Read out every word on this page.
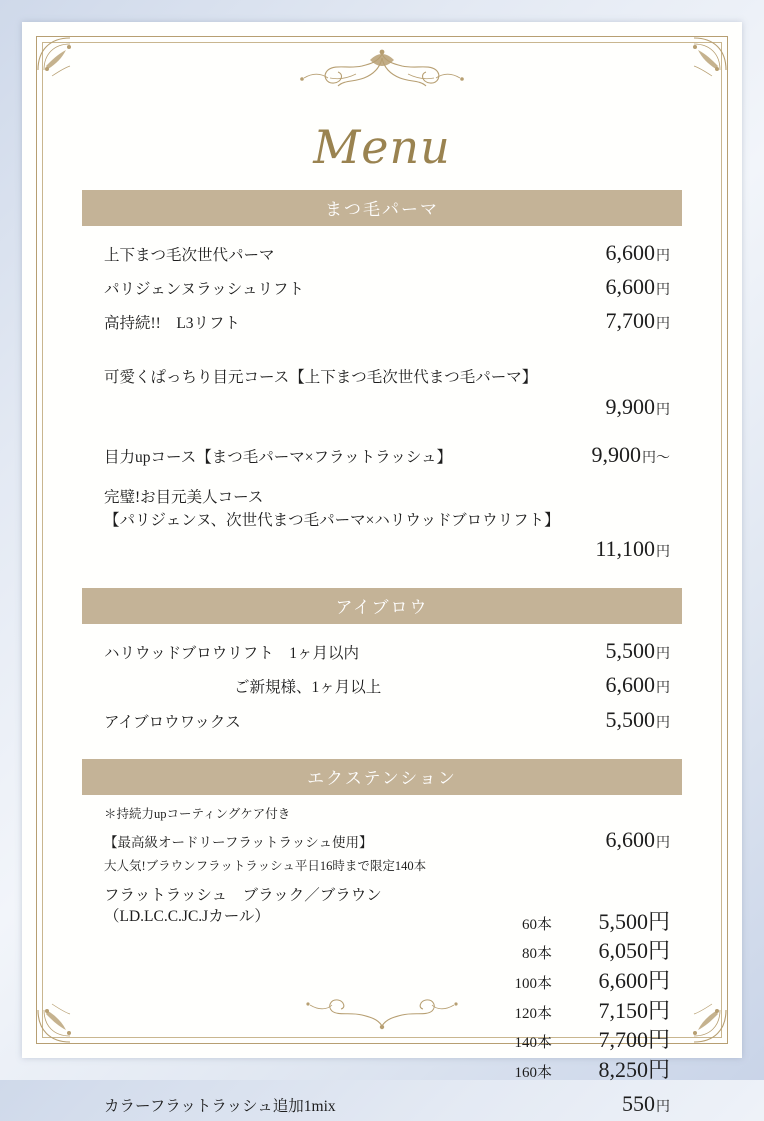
Menu
まつ毛パーマ
上下まつ毛次世代パーマ	6,600円
パリジェンヌラッシュリフト	6,600円
高持続!!　L3リフト	7,700円
可愛くぱっちり目元コース【上下まつ毛次世代まつ毛パーマ】
9,900円
目力upコース【まつ毛パーマ×フラットラッシュ】	9,900円～
完璧!お目元美人コース
【パリジェンヌ、次世代まつ毛パーマ×ハリウッドブロウリフト】
11,100円
アイブロウ
ハリウッドブロウリフト　1ヶ月以内	5,500円
ご新規様、1ヶ月以上	6,600円
アイブロウワックス	5,500円
エクステンション
＊持続力upコーティングケア付き
【最高級オードリーフラットラッシュ使用】	6,600円
大人気!ブラウンフラットラッシュ平日16時まで限定140本
フラットラッシュ　ブラック／ブラウン
（LD.LC.C.JC.Jカール）	60本	5,500円
80本	6,050円
100本	6,600円
120本	7,150円
140本	7,700円
160本	8,250円
カラーフラットラッシュ追加1mix	550円
